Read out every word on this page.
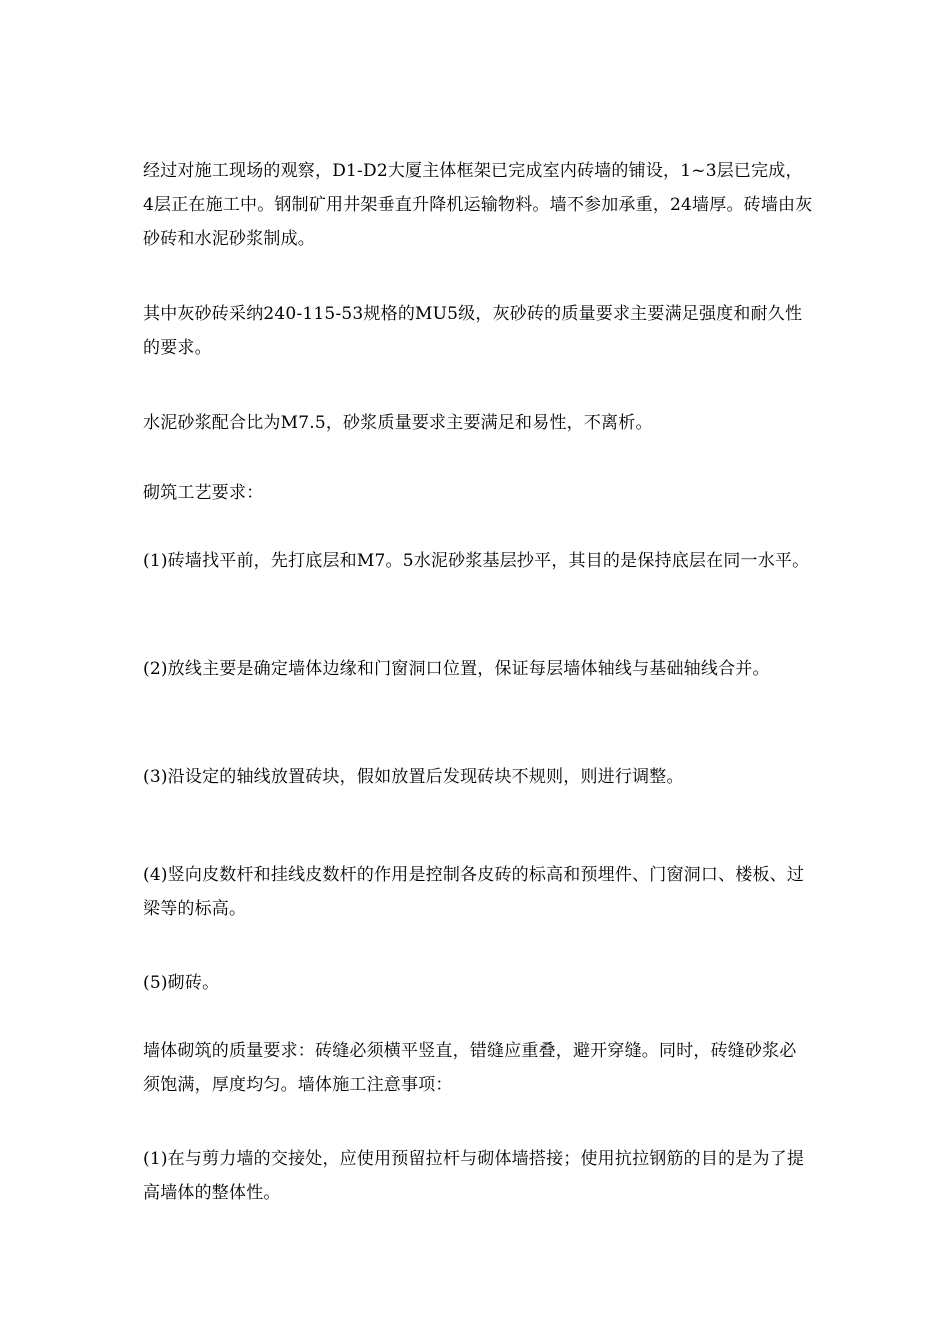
经过对施工现场的观察，D1-D2大厦主体框架已完成室内砖墙的铺设，1~3层已完成，4层正在施工中。钢制矿用井架垂直升降机运输物料。墙不参加承重，24墙厚。砖墙由灰砂砖和水泥砂浆制成。

其中灰砂砖采纳240-115-53规格的MU5级，灰砂砖的质量要求主要满足强度和耐久性的要求。

水泥砂浆配合比为M7.5，砂浆质量要求主要满足和易性，不离析。

砌筑工艺要求：

(1)砖墙找平前，先打底层和M7。5水泥砂浆基层抄平，其目的是保持底层在同一水平。

(2)放线主要是确定墙体边缘和门窗洞口位置，保证每层墙体轴线与基础轴线合并。

(3)沿设定的轴线放置砖块，假如放置后发现砖块不规则，则进行调整。

(4)竖向皮数杆和挂线皮数杆的作用是控制各皮砖的标高和预埋件、门窗洞口、楼板、过梁等的标高。

(5)砌砖。

墙体砌筑的质量要求：砖缝必须横平竖直，错缝应重叠，避开穿缝。同时，砖缝砂浆必须饱满，厚度均匀。墙体施工注意事项：

(1)在与剪力墙的交接处，应使用预留拉杆与砌体墙搭接；使用抗拉钢筋的目的是为了提高墙体的整体性。
